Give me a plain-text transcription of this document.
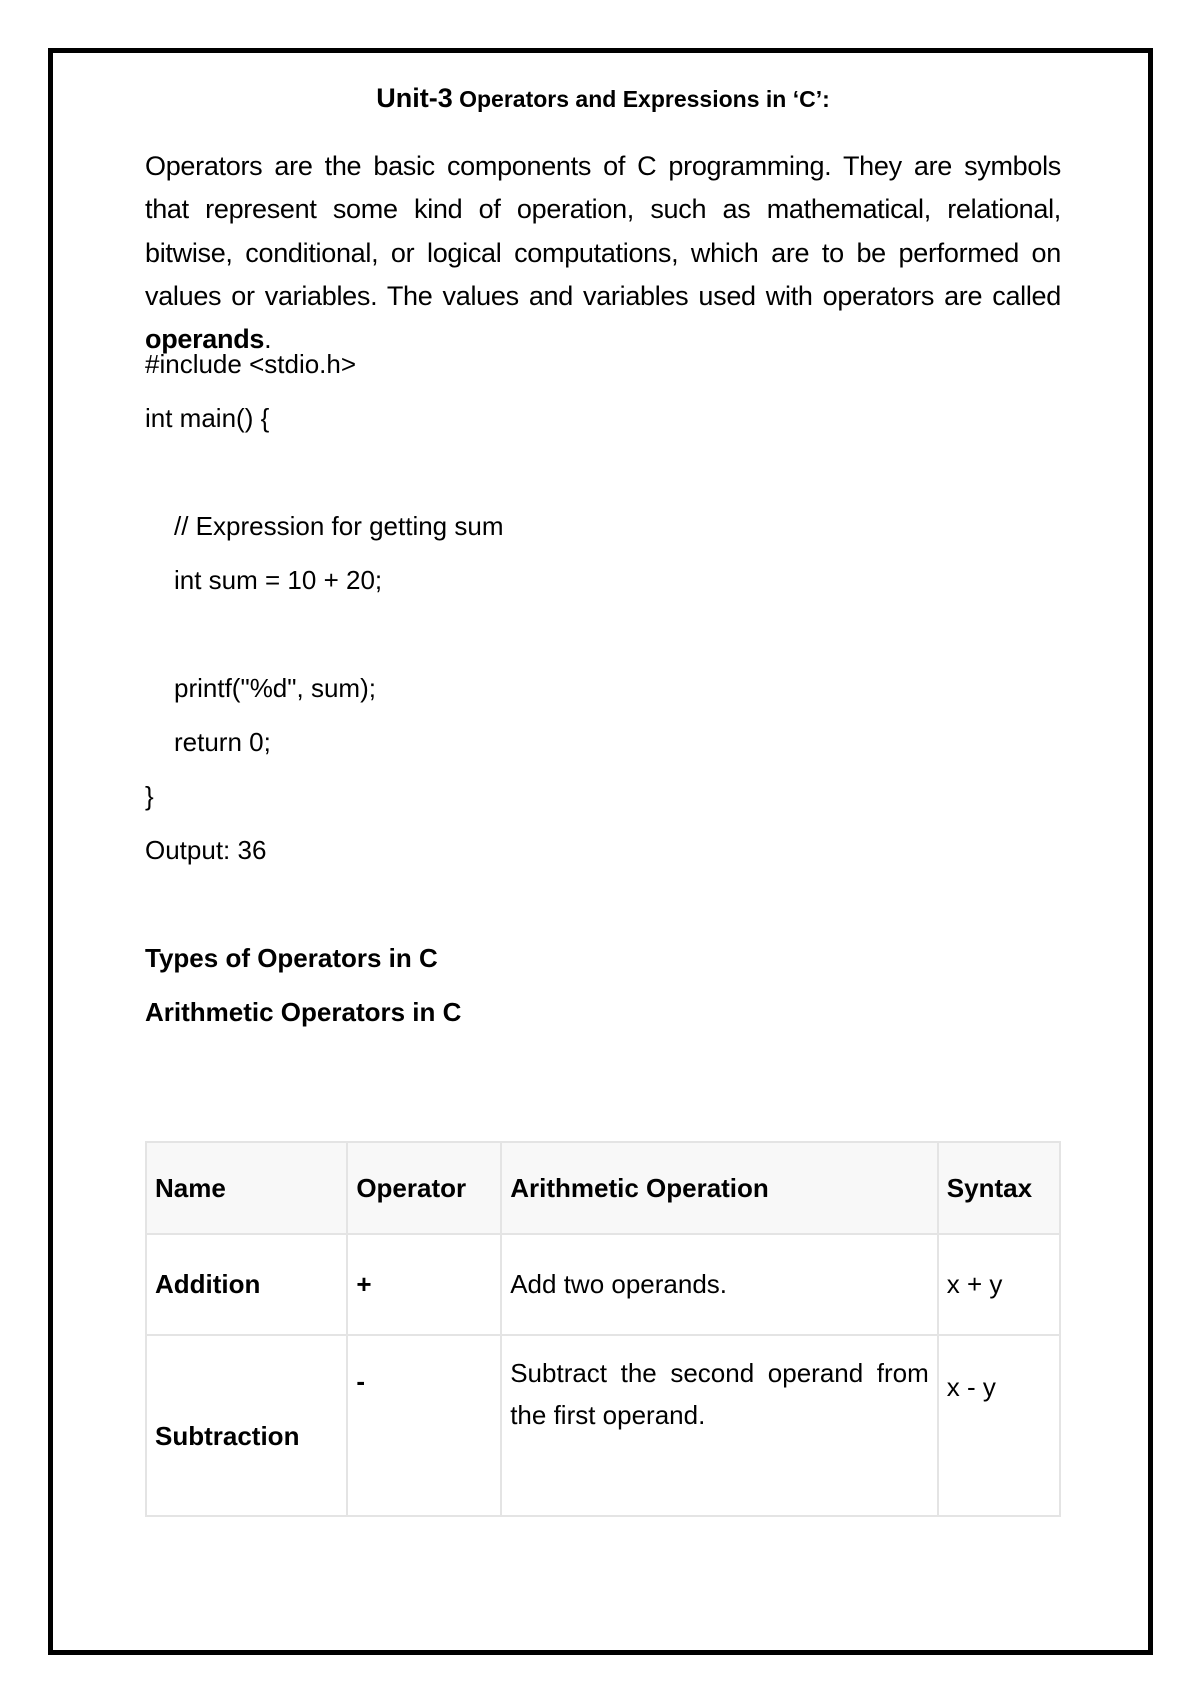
Unit-3 Operators and Expressions in ‘C’:
Operators are the basic components of C programming. They are symbols that represent some kind of operation, such as mathematical, relational, bitwise, conditional, or logical computations, which are to be performed on values or variables. The values and variables used with operators are called operands.
#include <stdio.h>
int main() {
// Expression for getting sum
int sum = 10 + 20;
printf("%d", sum);
return 0;
}
Output: 36
Types of Operators in C
Arithmetic Operators in C
Name	Operator	Arithmetic Operation	Syntax
Addition	+	Add two operands.	x + y
Subtraction	-	Subtract the second operand from the first operand.	x - y
